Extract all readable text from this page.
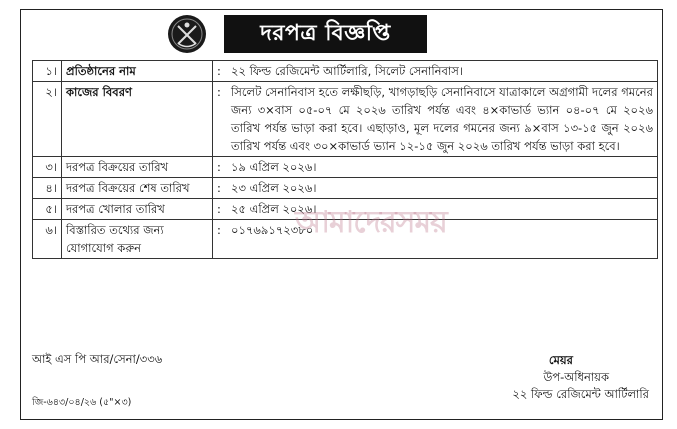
দরপত্র বিজ্ঞপ্তি
১।	প্রতিষ্ঠানের নাম	:	২২ ফিল্ড রেজিমেন্ট আর্টিলারি, সিলেট সেনানিবাস।
২।	কাজের বিবরণ	:	সিলেট সেনানিবাস হতে লক্ষীছড়ি, খাগড়াছড়ি সেনানিবাসে যাত্রাকালে অগ্রগামী দলের গমনের জন্য ৩×বাস ০৫-০৭ মে ২০২৬ তারিখ পর্যন্ত এবং ৪×কাভার্ড ভ্যান ০৪-০৭ মে ২০২৬ তারিখ পর্যন্ত ভাড়া করা হবে। এছাড়াও, মূল দলের গমনের জন্য ৯×বাস ১৩-১৫ জুন ২০২৬ তারিখ পর্যন্ত এবং ৩০×কাভার্ড ভ্যান ১২-১৫ জুন ২০২৬ তারিখ পর্যন্ত ভাড়া করা হবে।
৩।	দরপত্র বিক্রয়ের তারিখ	:	১৯ এপ্রিল ২০২৬।
৪।	দরপত্র বিক্রয়ের শেষ তারিখ	:	২৩ এপ্রিল ২০২৬।
৫।	দরপত্র খোলার তারিখ	:	২৫ এপ্রিল ২০২৬।
৬।	বিস্তারিত তথ্যের জন্য যোগাযোগ করুন	:	০১৭৬৯১৭২৩৮০
আমাদেরসময়
আই এস পি আর/সেনা/৩৩৬	মেয়র
উপ-অধিনায়ক
২২ ফিল্ড রেজিমেন্ট আর্টিলারি
জি-৬৪৩/০৪/২৬ (৫"×৩)
